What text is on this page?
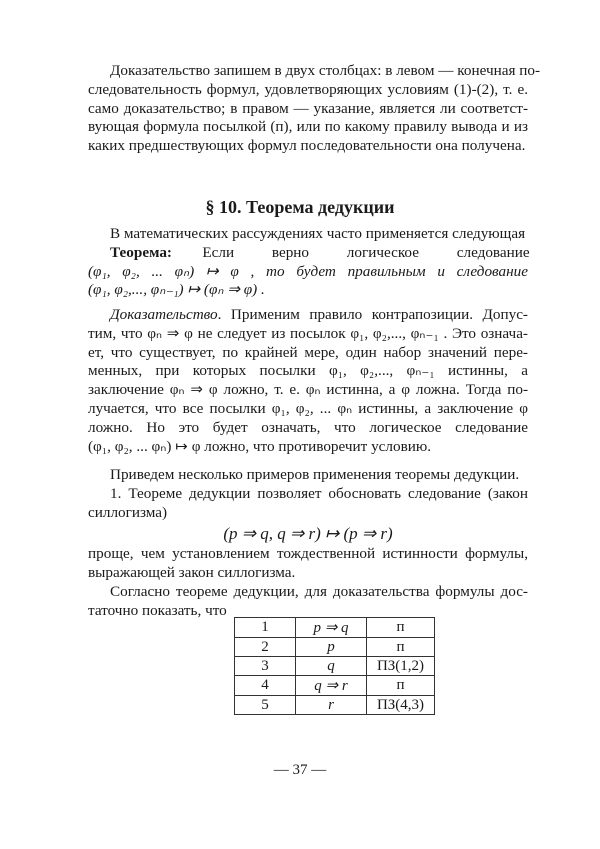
Доказательство запишем в двух столбцах: в левом — конечная по-
следовательность формул, удовлетворяющих условиям (1)-(2), т. е.
само доказательство; в правом — указание, является ли соответст-
вующая формула посылкой (п), или по какому правилу вывода и из
каких предшествующих формул последовательности она получена.
§ 10. Теорема дедукции
В математических рассуждениях часто применяется следующая
Теорема: Если верно логическое следование
(φ₁, φ₂, ... φₙ) ↦ φ , то будет правильным и следование
(φ₁, φ₂,..., φₙ₋₁) ↦ (φₙ ⇒ φ) .
Доказательство. Применим правило контрапозиции. Допус-
тим, что φₙ ⇒ φ не следует из посылок φ₁, φ₂,..., φₙ₋₁ . Это означа-
ет, что существует, по крайней мере, один набор значений пере-
менных, при которых посылки φ₁, φ₂,..., φₙ₋₁ истинны, а
заключение φₙ ⇒ φ ложно, т. е. φₙ истинна, а φ ложна. Тогда по-
лучается, что все посылки φ₁, φ₂, ... φₙ истинны, а заключение φ
ложно. Но это будет означать, что логическое следование
(φ₁, φ₂, ... φₙ) ↦ φ ложно, что противоречит условию.
Приведем несколько примеров применения теоремы дедукции.
1. Теореме дедукции позволяет обосновать следование (закон
силлогизма)
(p ⇒ q, q ⇒ r) ↦ (p ⇒ r)
проще, чем установлением тождественной истинности формулы,
выражающей закон силлогизма.
Согласно теореме дедукции, для доказательства формулы дос-
таточно показать, что
1	p ⇒ q	п
2	p	п
3	q	ПЗ(1,2)
4	q ⇒ r	п
5	r	ПЗ(4,3)
— 37 —
